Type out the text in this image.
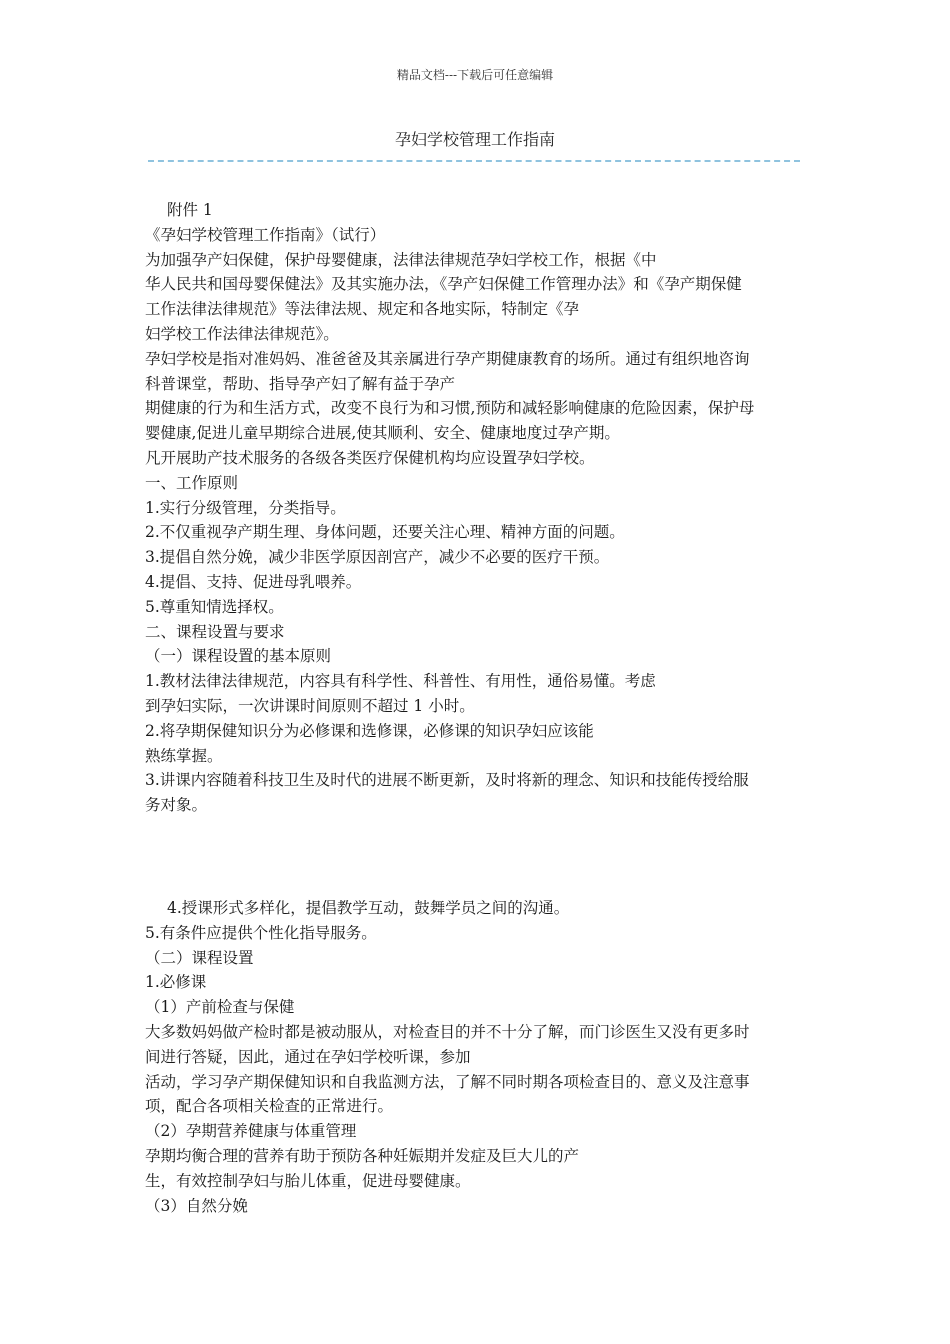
精品文档---下载后可任意编辑
孕妇学校管理工作指南

附件 1

《孕妇学校管理工作指南》（试行）

为加强孕产妇保健，保护母婴健康，法律法律规范孕妇学校工作，根据《中

华人民共和国母婴保健法》及其实施办法，《孕产妇保健工作管理办法》和《孕产期保健

工作法律法律规范》等法律法规、规定和各地实际，特制定《孕

妇学校工作法律法律规范》。

孕妇学校是指对准妈妈、准爸爸及其亲属进行孕产期健康教育的场所。通过有组织地咨询

科普课堂，帮助、指导孕产妇了解有益于孕产

期健康的行为和生活方式，改变不良行为和习惯,预防和减轻影响健康的危险因素，保护母

婴健康,促进儿童早期综合进展,使其顺利、安全、健康地度过孕产期。

凡开展助产技术服务的各级各类医疗保健机构均应设置孕妇学校。

一、工作原则

1.实行分级管理，分类指导。

2.不仅重视孕产期生理、身体问题，还要关注心理、精神方面的问题。

3.提倡自然分娩，减少非医学原因剖宫产，减少不必要的医疗干预。

4.提倡、支持、促进母乳喂养。

5.尊重知情选择权。

二、课程设置与要求

（一）课程设置的基本原则

1.教材法律法律规范，内容具有科学性、科普性、有用性，通俗易懂。考虑

到孕妇实际，一次讲课时间原则不超过 1 小时。

2.将孕期保健知识分为必修课和选修课，必修课的知识孕妇应该能

熟练掌握。

3.讲课内容随着科技卫生及时代的进展不断更新，及时将新的理念、知识和技能传授给服

务对象。

4.授课形式多样化，提倡教学互动，鼓舞学员之间的沟通。

5.有条件应提供个性化指导服务。

（二）课程设置

1.必修课

（1）产前检查与保健

大多数妈妈做产检时都是被动服从，对检查目的并不十分了解，而门诊医生又没有更多时

间进行答疑，因此，通过在孕妇学校听课，参加

活动，学习孕产期保健知识和自我监测方法，了解不同时期各项检查目的、意义及注意事

项，配合各项相关检查的正常进行。

（2）孕期营养健康与体重管理

孕期均衡合理的营养有助于预防各种妊娠期并发症及巨大儿的产

生，有效控制孕妇与胎儿体重，促进母婴健康。

（3）自然分娩
